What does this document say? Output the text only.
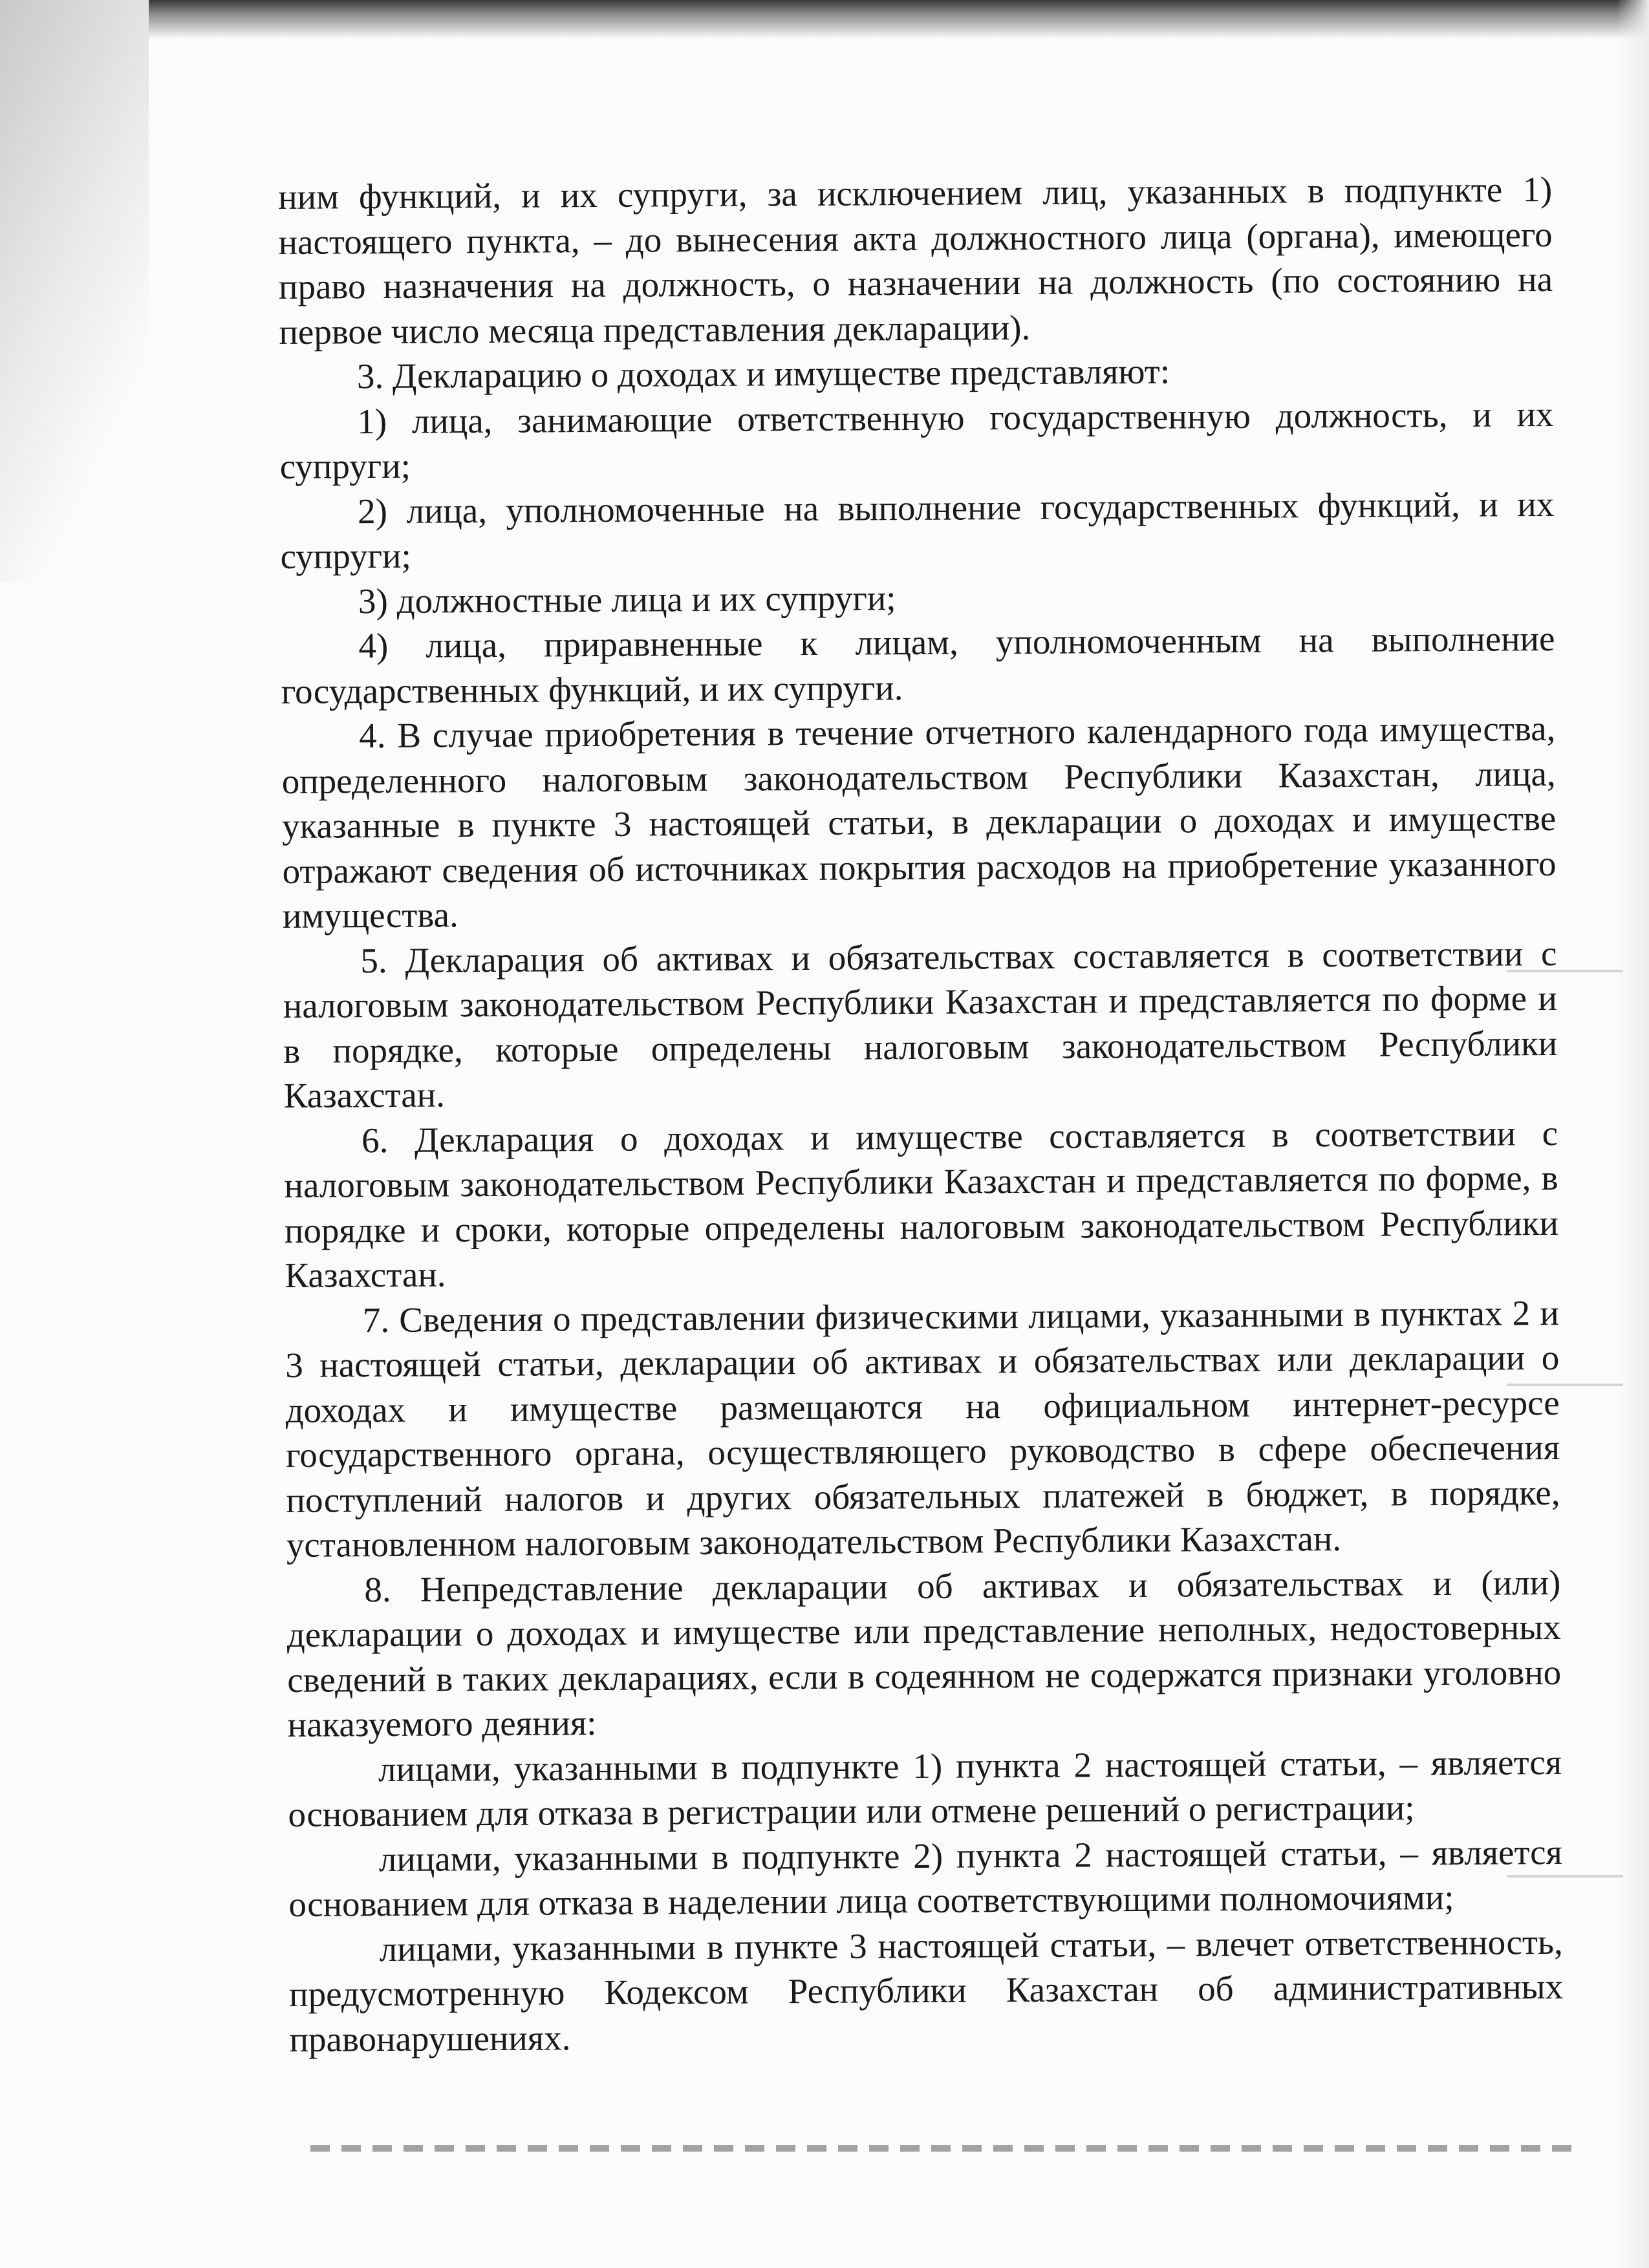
ним функций, и их супруги, за исключением лиц, указанных в подпункте 1) настоящего пункта, – до вынесения акта должностного лица (органа), имеющего право назначения на должность, о назначении на должность (по состоянию на первое число месяца представления декларации).

3. Декларацию о доходах и имуществе представляют:

1) лица, занимающие ответственную государственную должность, и их супруги;

2) лица, уполномоченные на выполнение государственных функций, и их супруги;

3) должностные лица и их супруги;

4) лица, приравненные к лицам, уполномоченным на выполнение государственных функций, и их супруги.

4. В случае приобретения в течение отчетного календарного года имущества, определенного налоговым законодательством Республики Казахстан, лица, указанные в пункте 3 настоящей статьи, в декларации о доходах и имуществе отражают сведения об источниках покрытия расходов на приобретение указанного имущества.

5. Декларация об активах и обязательствах составляется в соответствии с налоговым законодательством Республики Казахстан и представляется по форме и в порядке, которые определены налоговым законодательством Республики Казахстан.

6. Декларация о доходах и имуществе составляется в соответствии с налоговым законодательством Республики Казахстан и представляется по форме, в порядке и сроки, которые определены налоговым законодательством Республики Казахстан.

7. Сведения о представлении физическими лицами, указанными в пунктах 2 и 3 настоящей статьи, декларации об активах и обязательствах или декларации о доходах и имуществе размещаются на официальном интернет-ресурсе государственного органа, осуществляющего руководство в сфере обеспечения поступлений налогов и других обязательных платежей в бюджет, в порядке, установленном налоговым законодательством Республики Казахстан.

8. Непредставление декларации об активах и обязательствах и (или) декларации о доходах и имуществе или представление неполных, недостоверных сведений в таких декларациях, если в содеянном не содержатся признаки уголовно наказуемого деяния:

лицами, указанными в подпункте 1) пункта 2 настоящей статьи, – является основанием для отказа в регистрации или отмене решений о регистрации;

лицами, указанными в подпункте 2) пункта 2 настоящей статьи, – является основанием для отказа в наделении лица соответствующими полномочиями;

лицами, указанными в пункте 3 настоящей статьи, – влечет ответственность, предусмотренную Кодексом Республики Казахстан об административных правонарушениях.
